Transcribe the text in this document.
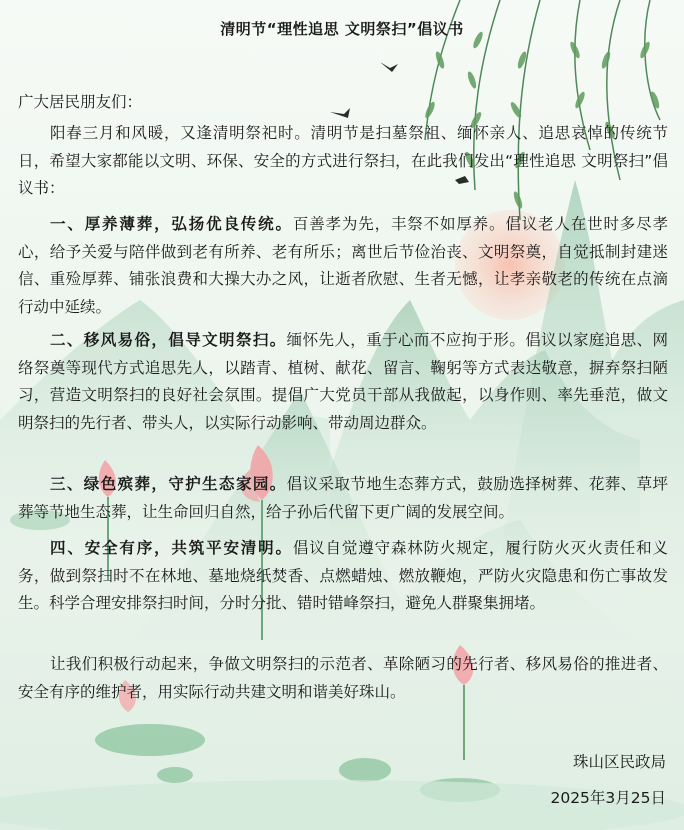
清明节“理性追思 文明祭扫”倡议书
广大居民朋友们：

阳春三月和风暖，又逢清明祭祀时。清明节是扫墓祭祖、缅怀亲人、追思哀悼的传统节日，希望大家都能以文明、环保、安全的方式进行祭扫，在此我们发出“理性追思 文明祭扫”倡议书：

一、厚养薄葬，弘扬优良传统。百善孝为先，丰祭不如厚养。倡议老人在世时多尽孝心，给予关爱与陪伴做到老有所养、老有所乐；离世后节俭治丧、文明祭奠，自觉抵制封建迷信、重殓厚葬、铺张浪费和大操大办之风，让逝者欣慰、生者无憾，让孝亲敬老的传统在点滴行动中延续。

二、移风易俗，倡导文明祭扫。缅怀先人，重于心而不应拘于形。倡议以家庭追思、网络祭奠等现代方式追思先人，以踏青、植树、献花、留言、鞠躬等方式表达敬意，摒弃祭扫陋习，营造文明祭扫的良好社会氛围。提倡广大党员干部从我做起，以身作则、率先垂范，做文明祭扫的先行者、带头人，以实际行动影响、带动周边群众。

三、绿色殡葬，守护生态家园。倡议采取节地生态葬方式，鼓励选择树葬、花葬、草坪葬等节地生态葬，让生命回归自然，给子孙后代留下更广阔的发展空间。

四、安全有序，共筑平安清明。倡议自觉遵守森林防火规定，履行防火灭火责任和义务，做到祭扫时不在林地、墓地烧纸焚香、点燃蜡烛、燃放鞭炮，严防火灾隐患和伤亡事故发生。科学合理安排祭扫时间，分时分批、错时错峰祭扫，避免人群聚集拥堵。

让我们积极行动起来，争做文明祭扫的示范者、革除陋习的先行者、移风易俗的推进者、安全有序的维护者，用实际行动共建文明和谐美好珠山。

珠山区民政局
2025年3月25日
